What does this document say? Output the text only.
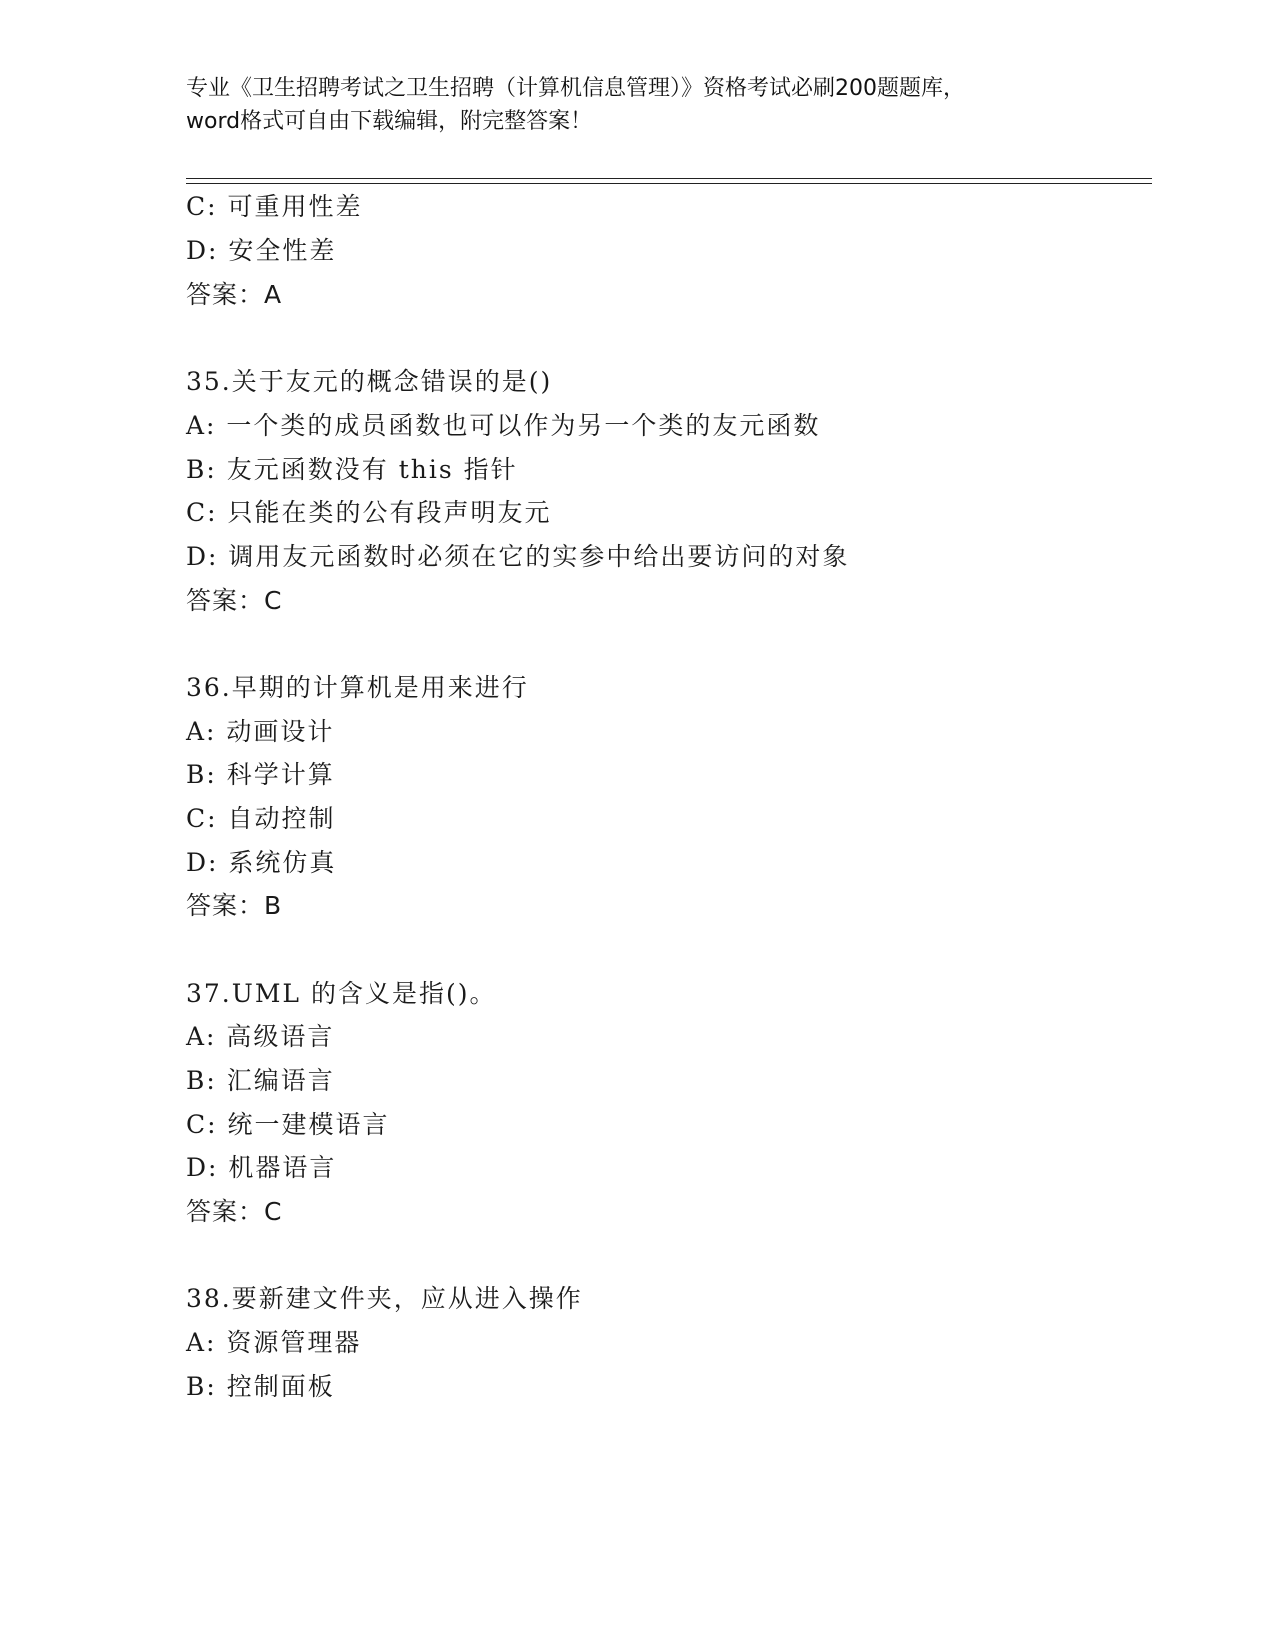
专业《卫生招聘考试之卫生招聘（计算机信息管理）》资格考试必刷200题题库，
word格式可自由下载编辑，附完整答案！
C: 可重用性差
D: 安全性差
答案：A
35.关于友元的概念错误的是()
A: 一个类的成员函数也可以作为另一个类的友元函数
B: 友元函数没有 this 指针
C: 只能在类的公有段声明友元
D: 调用友元函数时必须在它的实参中给出要访问的对象
答案：C
36.早期的计算机是用来进行
A: 动画设计
B: 科学计算
C: 自动控制
D: 系统仿真
答案：B
37.UML 的含义是指()。
A: 高级语言
B: 汇编语言
C: 统一建模语言
D: 机器语言
答案：C
38.要新建文件夹，应从进入操作
A: 资源管理器
B: 控制面板
